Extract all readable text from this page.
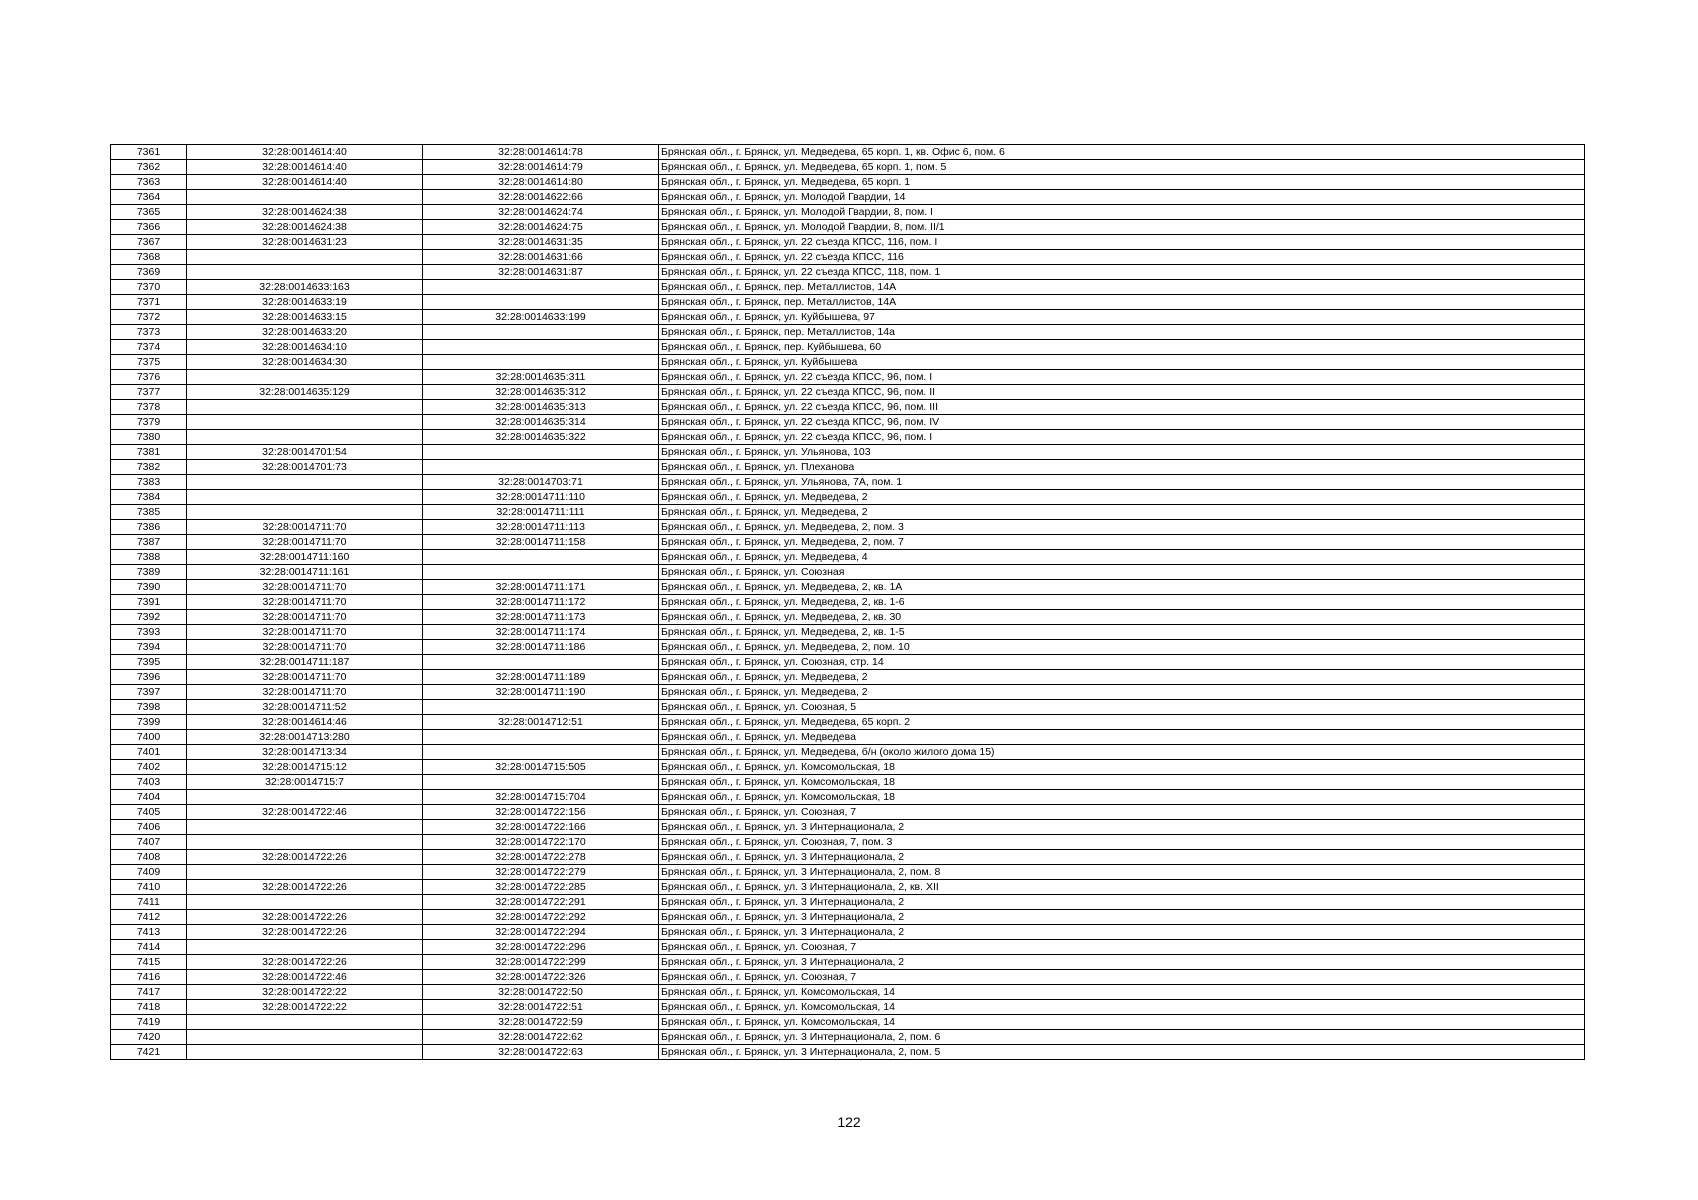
7361	32:28:0014614:40	32:28:0014614:78	Брянская обл., г. Брянск, ул. Медведева, 65 корп. 1, кв. Офис 6, пом. 6
7362	32:28:0014614:40	32:28:0014614:79	Брянская обл., г. Брянск, ул. Медведева, 65 корп. 1, пом. 5
7363	32:28:0014614:40	32:28:0014614:80	Брянская обл., г. Брянск, ул. Медведева, 65 корп. 1
7364		32:28:0014622:66	Брянская обл., г. Брянск, ул. Молодой Гвардии, 14
7365	32:28:0014624:38	32:28:0014624:74	Брянская обл., г. Брянск, ул. Молодой Гвардии, 8, пом. I
7366	32:28:0014624:38	32:28:0014624:75	Брянская обл., г. Брянск, ул. Молодой Гвардии, 8, пом. II/1
7367	32:28:0014631:23	32:28:0014631:35	Брянская обл., г. Брянск, ул. 22 съезда КПСС, 116, пом. I
7368		32:28:0014631:66	Брянская обл., г. Брянск, ул. 22 съезда КПСС, 116
7369		32:28:0014631:87	Брянская обл., г. Брянск, ул. 22 съезда КПСС, 118, пом. 1
7370	32:28:0014633:163		Брянская обл., г. Брянск, пер. Металлистов, 14А
7371	32:28:0014633:19		Брянская обл., г. Брянск, пер. Металлистов, 14А
7372	32:28:0014633:15	32:28:0014633:199	Брянская обл., г. Брянск, ул. Куйбышева, 97
7373	32:28:0014633:20		Брянская обл., г. Брянск, пер. Металлистов, 14а
7374	32:28:0014634:10		Брянская обл., г. Брянск, пер. Куйбышева, 60
7375	32:28:0014634:30		Брянская обл., г. Брянск, ул. Куйбышева
7376		32:28:0014635:311	Брянская обл., г. Брянск, ул. 22 съезда КПСС, 96, пом. I
7377	32:28:0014635:129	32:28:0014635:312	Брянская обл., г. Брянск, ул. 22 съезда КПСС, 96, пом. II
7378		32:28:0014635:313	Брянская обл., г. Брянск, ул. 22 съезда КПСС, 96, пом. III
7379		32:28:0014635:314	Брянская обл., г. Брянск, ул. 22 съезда КПСС, 96, пом. IV
7380		32:28:0014635:322	Брянская обл., г. Брянск, ул. 22 съезда КПСС, 96, пом. I
7381	32:28:0014701:54		Брянская обл., г. Брянск, ул. Ульянова, 103
7382	32:28:0014701:73		Брянская обл., г. Брянск, ул. Плеханова
7383		32:28:0014703:71	Брянская обл., г. Брянск, ул. Ульянова, 7А, пом. 1
7384		32:28:0014711:110	Брянская обл., г. Брянск, ул. Медведева, 2
7385		32:28:0014711:111	Брянская обл., г. Брянск, ул. Медведева, 2
7386	32:28:0014711:70	32:28:0014711:113	Брянская обл., г. Брянск, ул. Медведева, 2, пом. 3
7387	32:28:0014711:70	32:28:0014711:158	Брянская обл., г. Брянск, ул. Медведева, 2, пом. 7
7388	32:28:0014711:160		Брянская обл., г. Брянск, ул. Медведева, 4
7389	32:28:0014711:161		Брянская обл., г. Брянск, ул. Союзная
7390	32:28:0014711:70	32:28:0014711:171	Брянская обл., г. Брянск, ул. Медведева, 2, кв. 1А
7391	32:28:0014711:70	32:28:0014711:172	Брянская обл., г. Брянск, ул. Медведева, 2, кв. 1-6
7392	32:28:0014711:70	32:28:0014711:173	Брянская обл., г. Брянск, ул. Медведева, 2, кв. 30
7393	32:28:0014711:70	32:28:0014711:174	Брянская обл., г. Брянск, ул. Медведева, 2, кв. 1-5
7394	32:28:0014711:70	32:28:0014711:186	Брянская обл., г. Брянск, ул. Медведева, 2, пом. 10
7395	32:28:0014711:187		Брянская обл., г. Брянск, ул. Союзная, стр. 14
7396	32:28:0014711:70	32:28:0014711:189	Брянская обл., г. Брянск, ул. Медведева, 2
7397	32:28:0014711:70	32:28:0014711:190	Брянская обл., г. Брянск, ул. Медведева, 2
7398	32:28:0014711:52		Брянская обл., г. Брянск, ул. Союзная, 5
7399	32:28:0014614:46	32:28:0014712:51	Брянская обл., г. Брянск, ул. Медведева, 65 корп. 2
7400	32:28:0014713:280		Брянская обл., г. Брянск, ул. Медведева
7401	32:28:0014713:34		Брянская обл., г. Брянск, ул. Медведева, б/н (около жилого дома 15)
7402	32:28:0014715:12	32:28:0014715:505	Брянская обл., г. Брянск, ул. Комсомольская, 18
7403	32:28:0014715:7		Брянская обл., г. Брянск, ул. Комсомольская, 18
7404		32:28:0014715:704	Брянская обл., г. Брянск, ул. Комсомольская, 18
7405	32:28:0014722:46	32:28:0014722:156	Брянская обл., г. Брянск, ул. Союзная, 7
7406		32:28:0014722:166	Брянская обл., г. Брянск, ул. 3 Интернационала, 2
7407		32:28:0014722:170	Брянская обл., г. Брянск, ул. Союзная, 7, пом. 3
7408	32:28:0014722:26	32:28:0014722:278	Брянская обл., г. Брянск, ул. 3 Интернационала, 2
7409		32:28:0014722:279	Брянская обл., г. Брянск, ул. 3 Интернационала, 2, пом. 8
7410	32:28:0014722:26	32:28:0014722:285	Брянская обл., г. Брянск, ул. 3 Интернационала, 2, кв. XII
7411		32:28:0014722:291	Брянская обл., г. Брянск, ул. 3 Интернационала, 2
7412	32:28:0014722:26	32:28:0014722:292	Брянская обл., г. Брянск, ул. 3 Интернационала, 2
7413	32:28:0014722:26	32:28:0014722:294	Брянская обл., г. Брянск, ул. 3 Интернационала, 2
7414		32:28:0014722:296	Брянская обл., г. Брянск, ул. Союзная, 7
7415	32:28:0014722:26	32:28:0014722:299	Брянская обл., г. Брянск, ул. 3 Интернационала, 2
7416	32:28:0014722:46	32:28:0014722:326	Брянская обл., г. Брянск, ул. Союзная, 7
7417	32:28:0014722:22	32:28:0014722:50	Брянская обл., г. Брянск, ул. Комсомольская, 14
7418	32:28:0014722:22	32:28:0014722:51	Брянская обл., г. Брянск, ул. Комсомольская, 14
7419		32:28:0014722:59	Брянская обл., г. Брянск, ул. Комсомольская, 14
7420		32:28:0014722:62	Брянская обл., г. Брянск, ул. 3 Интернационала, 2, пом. 6
7421		32:28:0014722:63	Брянская обл., г. Брянск, ул. 3 Интернационала, 2, пом. 5
122
